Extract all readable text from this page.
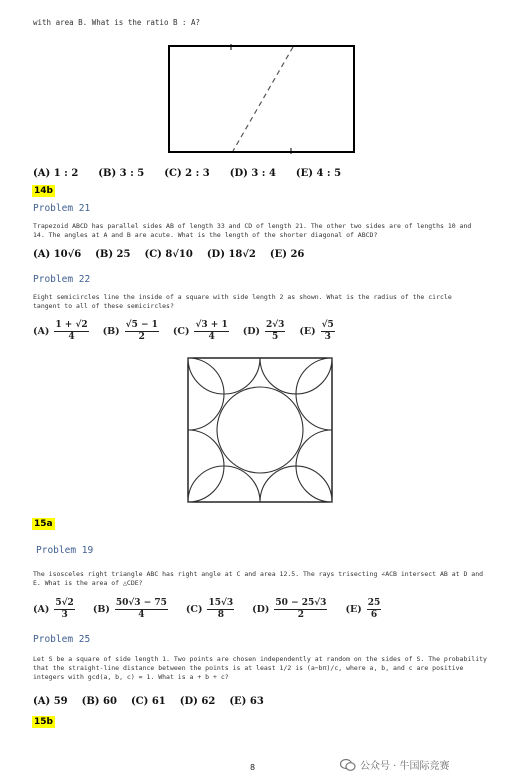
with area B. What is the ratio B : A?
(A) 1 : 2 (B) 3 : 5 (C) 2 : 3 (D) 3 : 4 (E) 4 : 5
14b
Problem 21
Trapezoid ABCD has parallel sides AB of length 33 and CD of length 21. The other two sides are of lengths 10 and 14. The angles at A and B are acute. What is the length of the shorter diagonal of ABCD?
(A) 10√6 (B) 25 (C) 8√10 (D) 18√2 (E) 26
Problem 22
Eight semicircles line the inside of a square with side length 2 as shown. What is the radius of the circle tangent to all of these semicircles?
$(A) \frac{1 + √2}{4} (B) \frac{√5 - 1}{2} (C) \frac{√3 + 1}{4} (D) \frac{2√3}{5} (E) \frac{√5}{3}$
15a
Problem 19
The isosceles right triangle ABC has right angle at C and area 12.5. The rays trisecting ∠ACB intersect AB at D and E. What is the area of △CDE?
$(A) \frac{5√2}{3} (B) \frac{50√3 - 75}{4} (C) \frac{15√3}{8} (D) \frac{50 - 25√3}{2} (E) \frac{25}{6}$
Problem 25
Let S be a square of side length 1. Two points are chosen independently at random on the sides of S. The probability that the straight-line distance between the points is at least 1/2 is (a−bπ)/c, where a, b, and c are positive integers with gcd(a, b, c) = 1. What is a + b + c?
(A) 59 (B) 60 (C) 61 (D) 62 (E) 63
15b
8	公众号 · 牛国际竞赛
